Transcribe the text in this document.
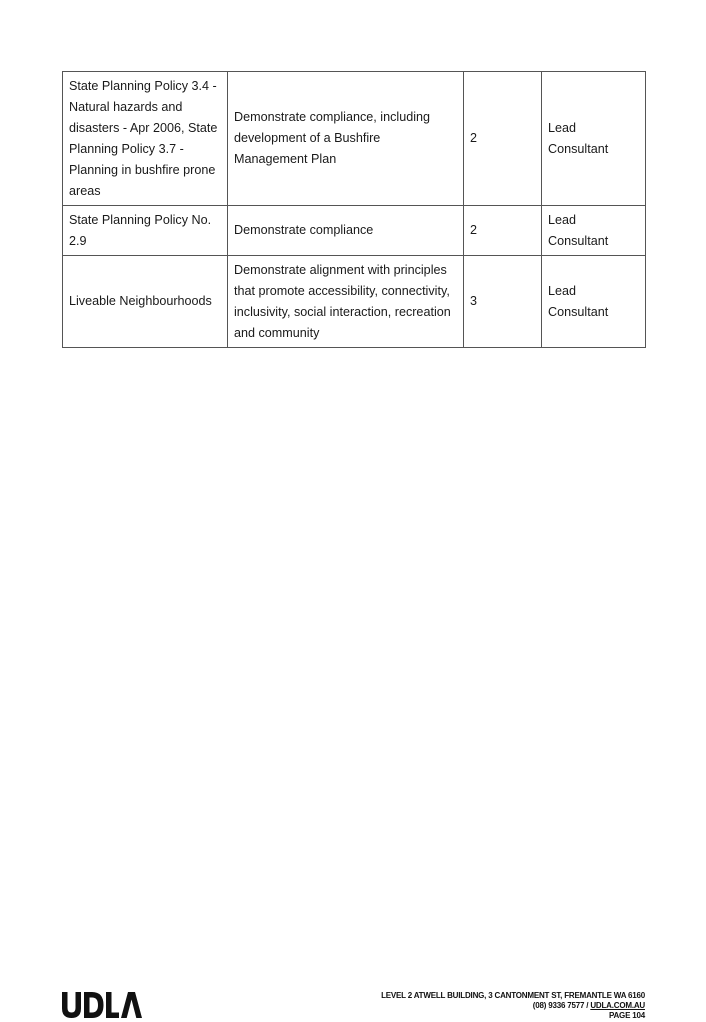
State Planning Policy 3.4 - Natural hazards and disasters - Apr 2006, State Planning Policy 3.7 - Planning in bushfire prone areas	Demonstrate compliance, including development of a Bushfire Management Plan	2	Lead Consultant
State Planning Policy No. 2.9	Demonstrate compliance	2	Lead Consultant
Liveable Neighbourhoods	Demonstrate alignment with principles that promote accessibility, connectivity, inclusivity, social interaction, recreation and community	3	Lead Consultant
LEVEL 2 ATWELL BUILDING, 3 CANTONMENT ST, FREMANTLE WA 6160
(08) 9336 7577 / UDLA.COM.AU
PAGE 104
